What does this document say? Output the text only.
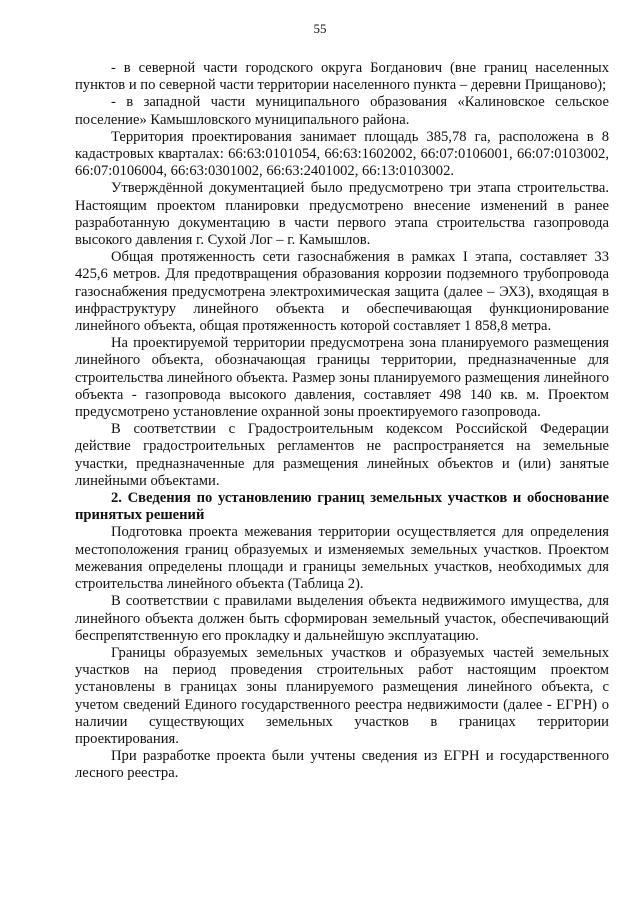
55

- в северной части городского округа Богданович (вне границ населенных пунктов и по северной части территории населенного пункта – деревни Прищаново);

- в западной части муниципального образования «Калиновское сельское поселение» Камышловского муниципального района.

Территория проектирования занимает площадь 385,78 га, расположена в 8 кадастровых кварталах: 66:63:0101054, 66:63:1602002, 66:07:0106001, 66:07:0103002, 66:07:0106004, 66:63:0301002, 66:63:2401002, 66:13:0103002.

Утверждённой документацией было предусмотрено три этапа строительства. Настоящим проектом планировки предусмотрено внесение изменений в ранее разработанную документацию в части первого этапа строительства газопровода высокого давления г. Сухой Лог – г. Камышлов.

Общая протяженность сети газоснабжения в рамках I этапа, составляет 33 425,6 метров. Для предотвращения образования коррозии подземного трубопровода газоснабжения предусмотрена электрохимическая защита (далее – ЭХЗ), входящая в инфраструктуру линейного объекта и обеспечивающая функционирование линейного объекта, общая протяженность которой составляет 1 858,8 метра.

На проектируемой территории предусмотрена зона планируемого размещения линейного объекта, обозначающая границы территории, предназначенные для строительства линейного объекта. Размер зоны планируемого размещения линейного объекта - газопровода высокого давления, составляет 498 140 кв. м. Проектом предусмотрено установление охранной зоны проектируемого газопровода.

В соответствии с Градостроительным кодексом Российской Федерации действие градостроительных регламентов не распространяется на земельные участки, предназначенные для размещения линейных объектов и (или) занятые линейными объектами.

2. Сведения по установлению границ земельных участков и обоснование принятых решений

Подготовка проекта межевания территории осуществляется для определения местоположения границ образуемых и изменяемых земельных участков. Проектом межевания определены площади и границы земельных участков, необходимых для строительства линейного объекта (Таблица 2).

В соответствии с правилами выделения объекта недвижимого имущества, для линейного объекта должен быть сформирован земельный участок, обеспечивающий беспрепятственную его прокладку и дальнейшую эксплуатацию.

Границы образуемых земельных участков и образуемых частей земельных участков на период проведения строительных работ настоящим проектом установлены в границах зоны планируемого размещения линейного объекта, с учетом сведений Единого государственного реестра недвижимости (далее - ЕГРН) о наличии существующих земельных участков в границах территории проектирования.

При разработке проекта были учтены сведения из ЕГРН и государственного лесного реестра.
